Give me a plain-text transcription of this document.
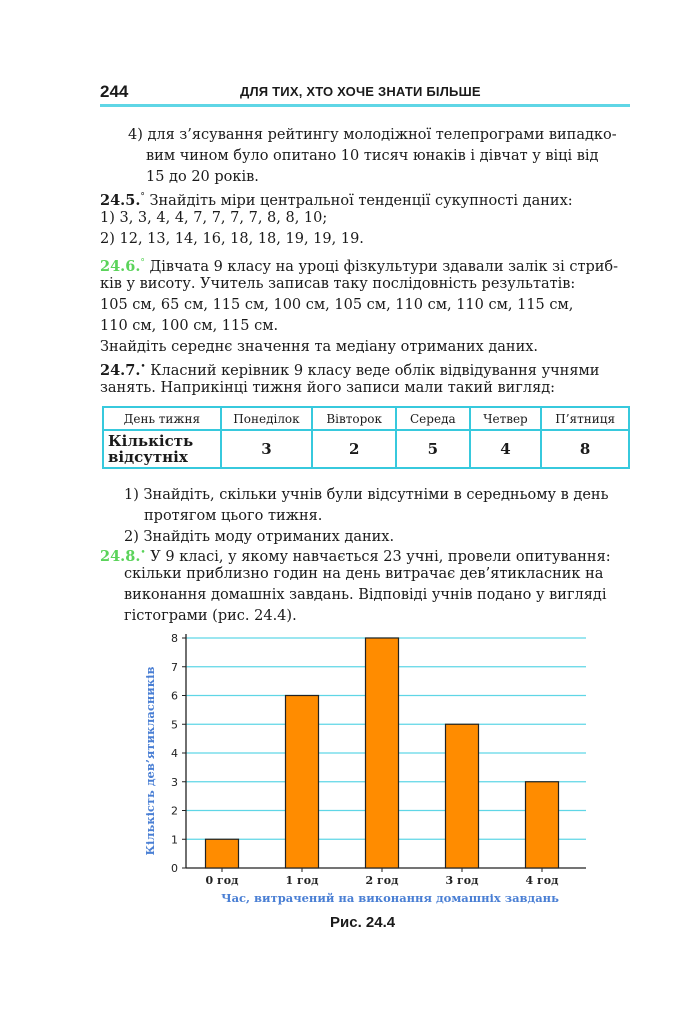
244	ДЛЯ ТИХ, ХТО ХОЧЕ ЗНАТИ БІЛЬШЕ
4) для з’ясування рейтингу молодіжної телепрограми випадко-
вим чином було опитано 10 тисяч юнаків і дівчат у віці від
15 до 20 років.
24.5.° Знайдіть міри центральної тенденції сукупності даних:
1) 3, 3, 4, 4, 7, 7, 7, 7, 8, 8, 10;
2) 12, 13, 14, 16, 18, 18, 19, 19, 19.
24.6.° Дівчата 9 класу на уроці фізкультури здавали залік зі стриб-
ків у висоту. Учитель записав таку послідовність результатів:
105 см, 65 см, 115 см, 100 см, 105 см, 110 см, 110 см, 115 см,
110 см, 100 см, 115 см.
Знайдіть середнє значення та медіану отриманих даних.
24.7.• Класний керівник 9 класу веде облік відвідування учнями
занять. Наприкінці тижня його записи мали такий вигляд:
День тижня	Понеділок	Вівторок	Середа	Четвер	П’ятниця
Кількість
відсутніх	3	2	5	4	8
1) Знайдіть, скільки учнів були відсутніми в середньому в день
протягом цього тижня.
2) Знайдіть моду отриманих даних.
24.8.• У 9 класі, у якому навчається 23 учні, провели опитування:
скільки приблизно годин на день витрачає дев’ятикласник на
виконання домашніх завдань. Відповіді учнів подано у вигляді
гістограми (рис. 24.4).
0
1
2
3
4
5
6
7
8
0 год	1 год	2 год	3 год	4 год
Час, витрачений на виконання домашніх завдань
Кількість дев’ятикласників
Рис. 24.4
